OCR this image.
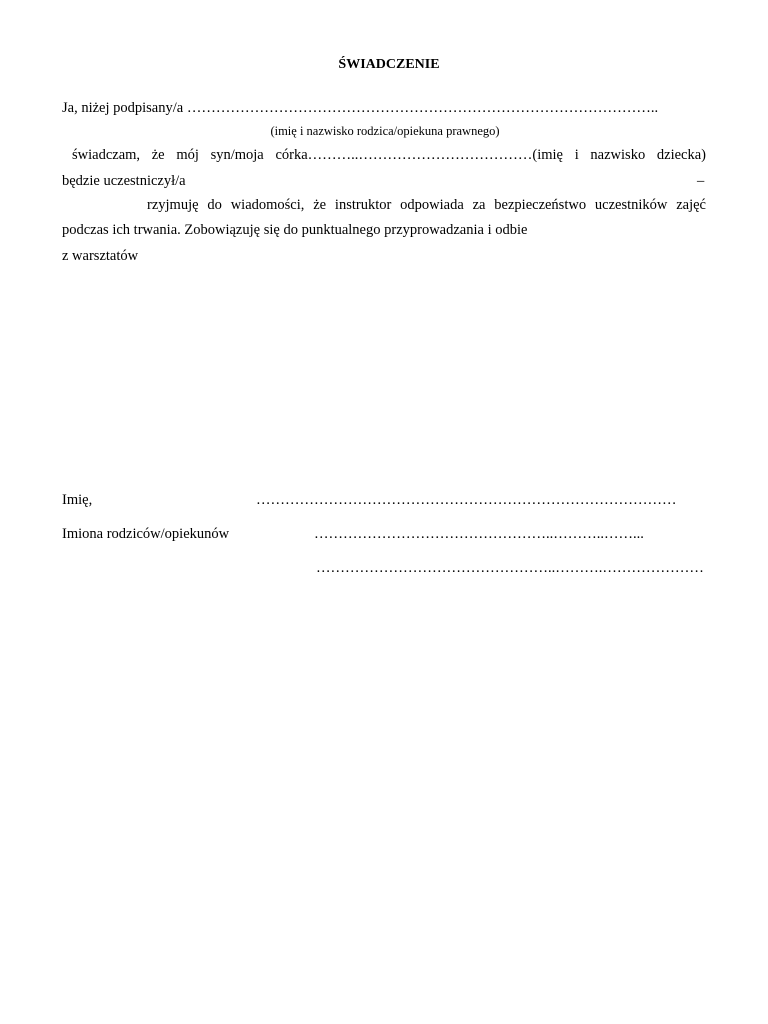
ŚWIADCZENIE
Ja, niżej podpisany/a ……………………………………………………………………………………..
(imię i nazwisko rodzica/opiekuna prawnego)
świadczam, że mój syn/moja córka………..………………………………(imię i nazwisko dziecka)
będzie uczestniczył/a	–
rzyjmuję do wiadomości, że instruktor odpowiada za bezpieczeństwo uczestników zajęć
podczas ich trwania. Zobowiązuję się do punktualnego przyprowadzania i odbie
z warsztatów
Imię,	……………………………………………………………………………
Imiona rodziców/opiekunów	…………………………………………..………..……...
…………………………………………..……….…………………
